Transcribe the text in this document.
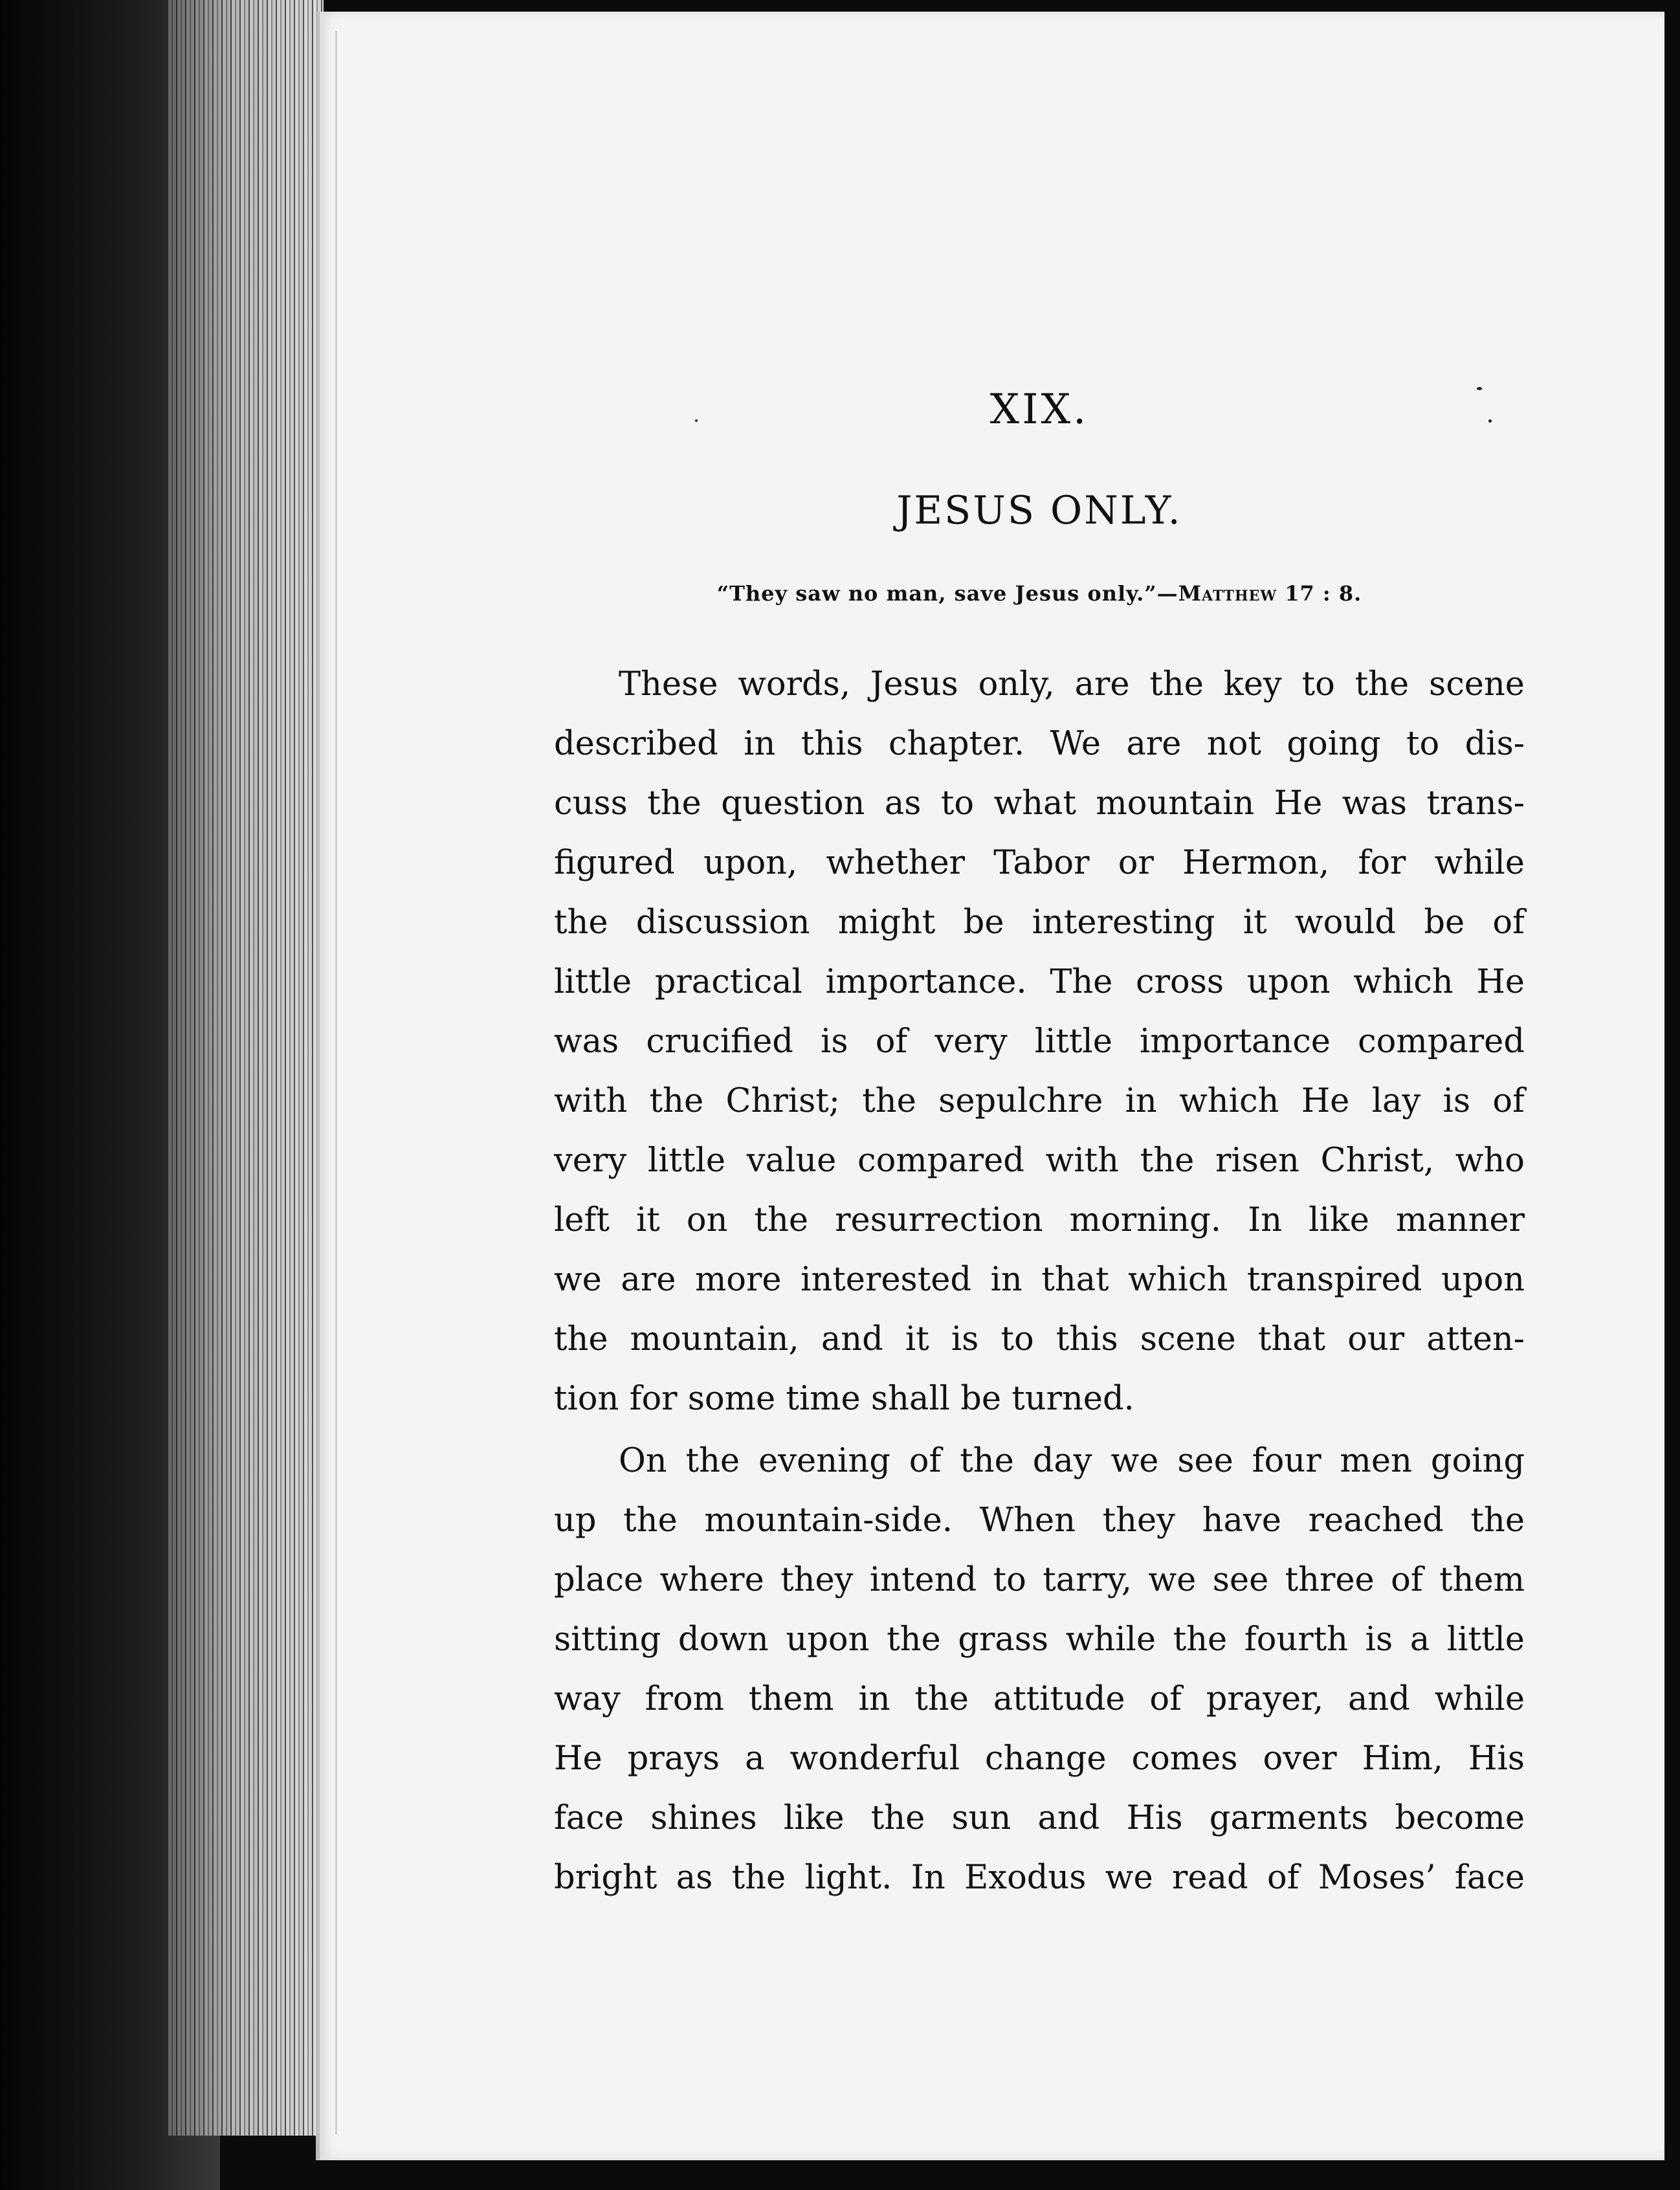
XIX.
JESUS ONLY.
“They saw no man, save Jesus only.”—Matthew 17 : 8.
These words, Jesus only, are the key to the scene
described in this chapter. We are not going to dis-
cuss the question as to what mountain He was trans-
figured upon, whether Tabor or Hermon, for while
the discussion might be interesting it would be of
little practical importance. The cross upon which He
was crucified is of very little importance compared
with the Christ; the sepulchre in which He lay is of
very little value compared with the risen Christ, who
left it on the resurrection morning. In like manner
we are more interested in that which transpired upon
the mountain, and it is to this scene that our atten-
tion for some time shall be turned.
On the evening of the day we see four men going
up the mountain-side. When they have reached the
place where they intend to tarry, we see three of them
sitting down upon the grass while the fourth is a little
way from them in the attitude of prayer, and while
He prays a wonderful change comes over Him, His
face shines like the sun and His garments become
bright as the light. In Exodus we read of Moses’ face
